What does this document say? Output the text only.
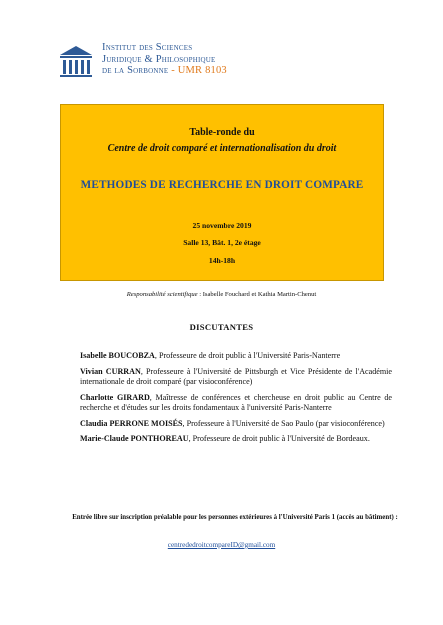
Institut des Sciences
Juridique & Philosophique
de la Sorbonne - UMR 8103
Table-ronde du
Centre de droit comparé et internationalisation du droit
METHODES DE RECHERCHE EN DROIT COMPARE
25 novembre 2019
Salle 13, Bât. 1, 2e étage
14h-18h
Responsabilité scientifique : Isabelle Fouchard et Kathia Martin-Chenut
DISCUTANTES
Isabelle BOUCOBZA, Professeure de droit public à l'Université Paris-Nanterre
Vivian CURRAN, Professeure à l'Université de Pittsburgh et Vice Présidente de l'Académie internationale de droit comparé (par visioconférence)
Charlotte GIRARD, Maîtresse de conférences et chercheuse en droit public au Centre de recherche et d'études sur les droits fondamentaux à l'université Paris-Nanterre
Claudia PERRONE MOISÉS, Professeure à l'Université de Sao Paulo (par visioconférence)
Marie-Claude PONTHOREAU, Professeure de droit public à l'Université de Bordeaux.
Entrée libre sur inscription préalable pour les personnes extérieures à l'Université Paris 1 (accès au bâtiment) :
centrededroitcompareID@gmail.com
